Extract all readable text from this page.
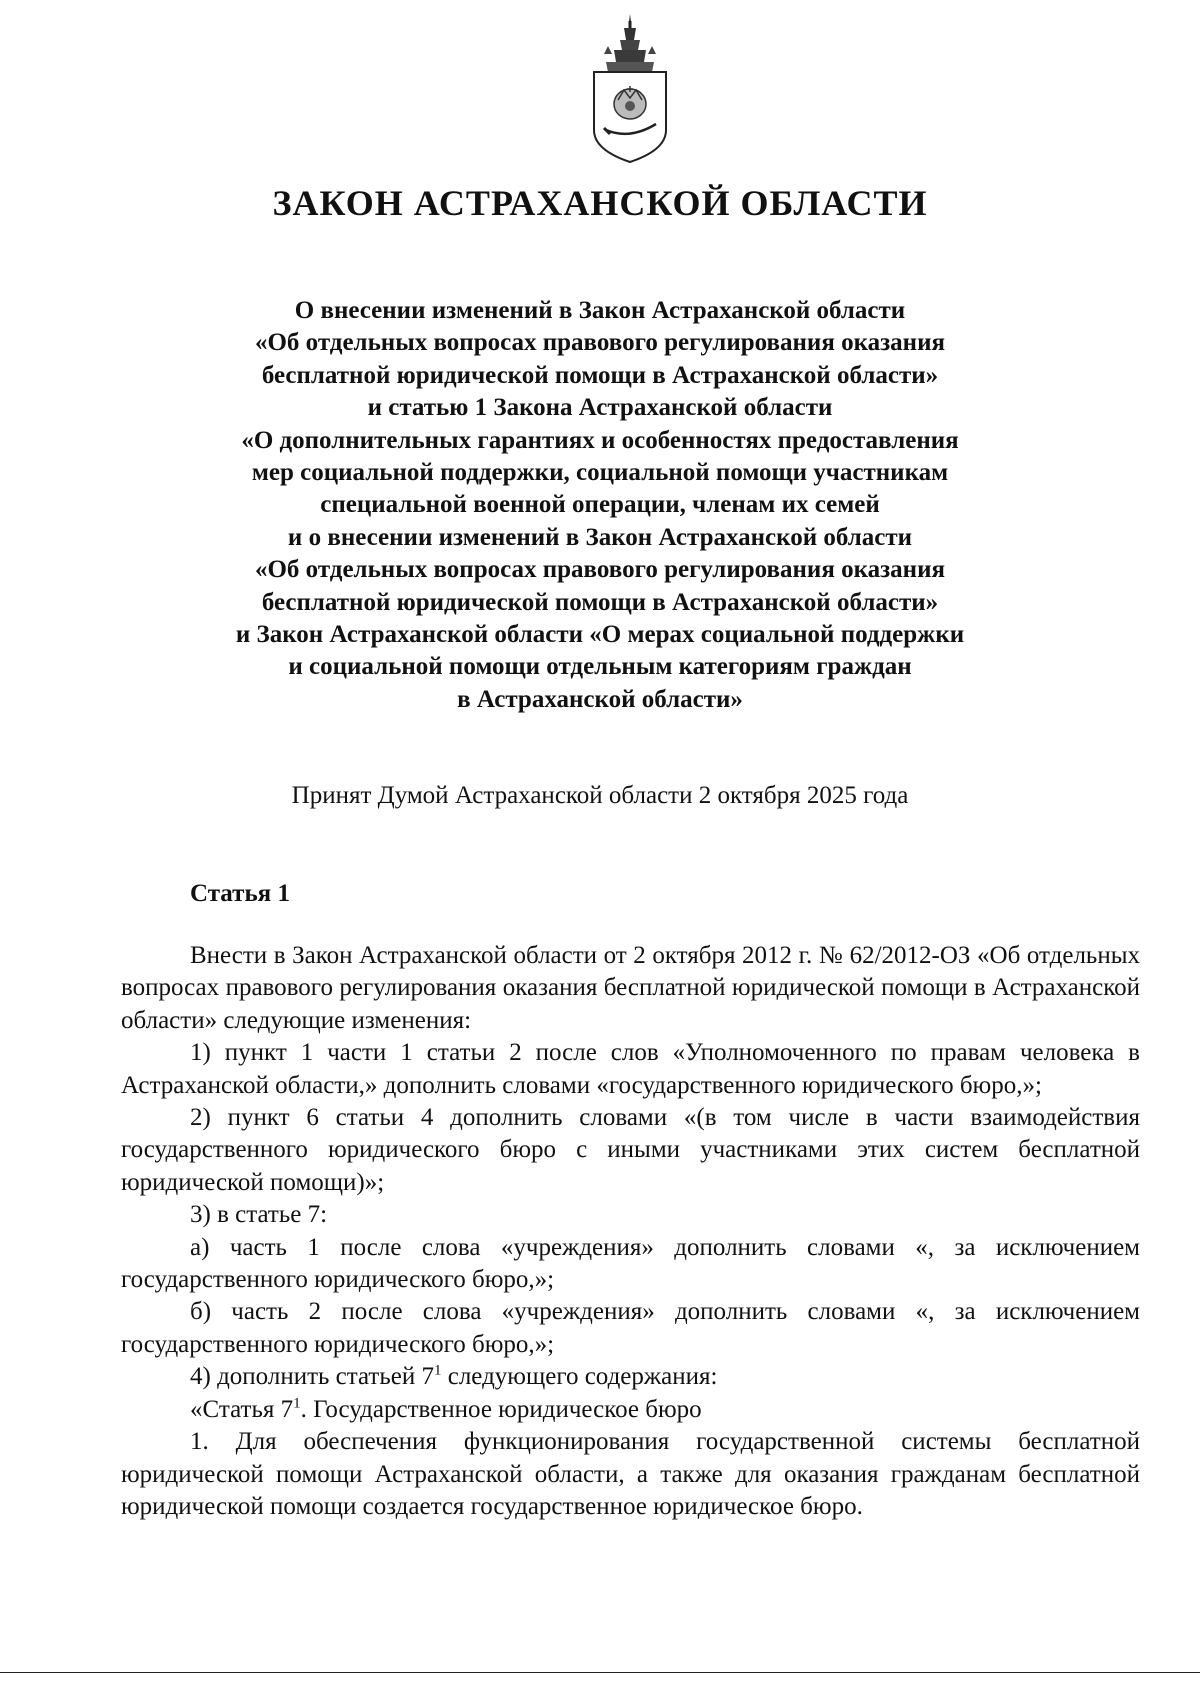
ЗАКОН АСТРАХАНСКОЙ ОБЛАСТИ
О внесении изменений в Закон Астраханской области
«Об отдельных вопросах правового регулирования оказания
бесплатной юридической помощи в Астраханской области»
и статью 1 Закона Астраханской области
«О дополнительных гарантиях и особенностях предоставления
мер социальной поддержки, социальной помощи участникам
специальной военной операции, членам их семей
и о внесении изменений в Закон Астраханской области
«Об отдельных вопросах правового регулирования оказания
бесплатной юридической помощи в Астраханской области»
и Закон Астраханской области «О мерах социальной поддержки
и социальной помощи отдельным категориям граждан
в Астраханской области»

Принят Думой Астраханской области 2 октября 2025 года

Статья 1

Внести в Закон Астраханской области от 2 октября 2012 г. № 62/2012-ОЗ «Об отдельных вопросах правового регулирования оказания бесплатной юридической помощи в Астраханской области» следующие изменения:

1) пункт 1 части 1 статьи 2 после слов «Уполномоченного по правам человека в Астраханской области,» дополнить словами «государственного юридического бюро,»;

2) пункт 6 статьи 4 дополнить словами «(в том числе в части взаимодействия государственного юридического бюро с иными участниками этих систем бесплатной юридической помощи)»;

3) в статье 7:

а) часть 1 после слова «учреждения» дополнить словами «, за исключением государственного юридического бюро,»;

б) часть 2 после слова «учреждения» дополнить словами «, за исключением государственного юридического бюро,»;

4) дополнить статьей $7^1$ следующего содержания:

«Статья $7^1$. Государственное юридическое бюро

1. Для обеспечения функционирования государственной системы бесплатной юридической помощи Астраханской области, а также для оказания гражданам бесплатной юридической помощи создается государственное юридическое бюро.
